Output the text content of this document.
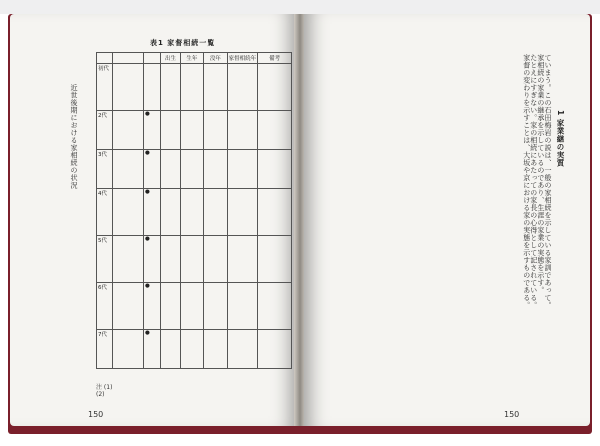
近世後期における家相続の状況
表1 家督相続一覧
			出生	生年	没年	家督相続年	備考
初代							
2代		●					
3代		●					
4代		●					
5代		●					
6代		●					
7代		●					
注 (1)
(2)
150
1 家業継の実質
ていまう。この石田梅岩の説は、一般の家相続を示している家訓であって。
家相続の家業の継承を示しているのであり、生涯の家業の実態を示す。
たとえにすぎない。家の相続にあたっての家長の心得として記されている。
家督の変わりを示すことは、大坂や京における家の実態を示すものである。
150
